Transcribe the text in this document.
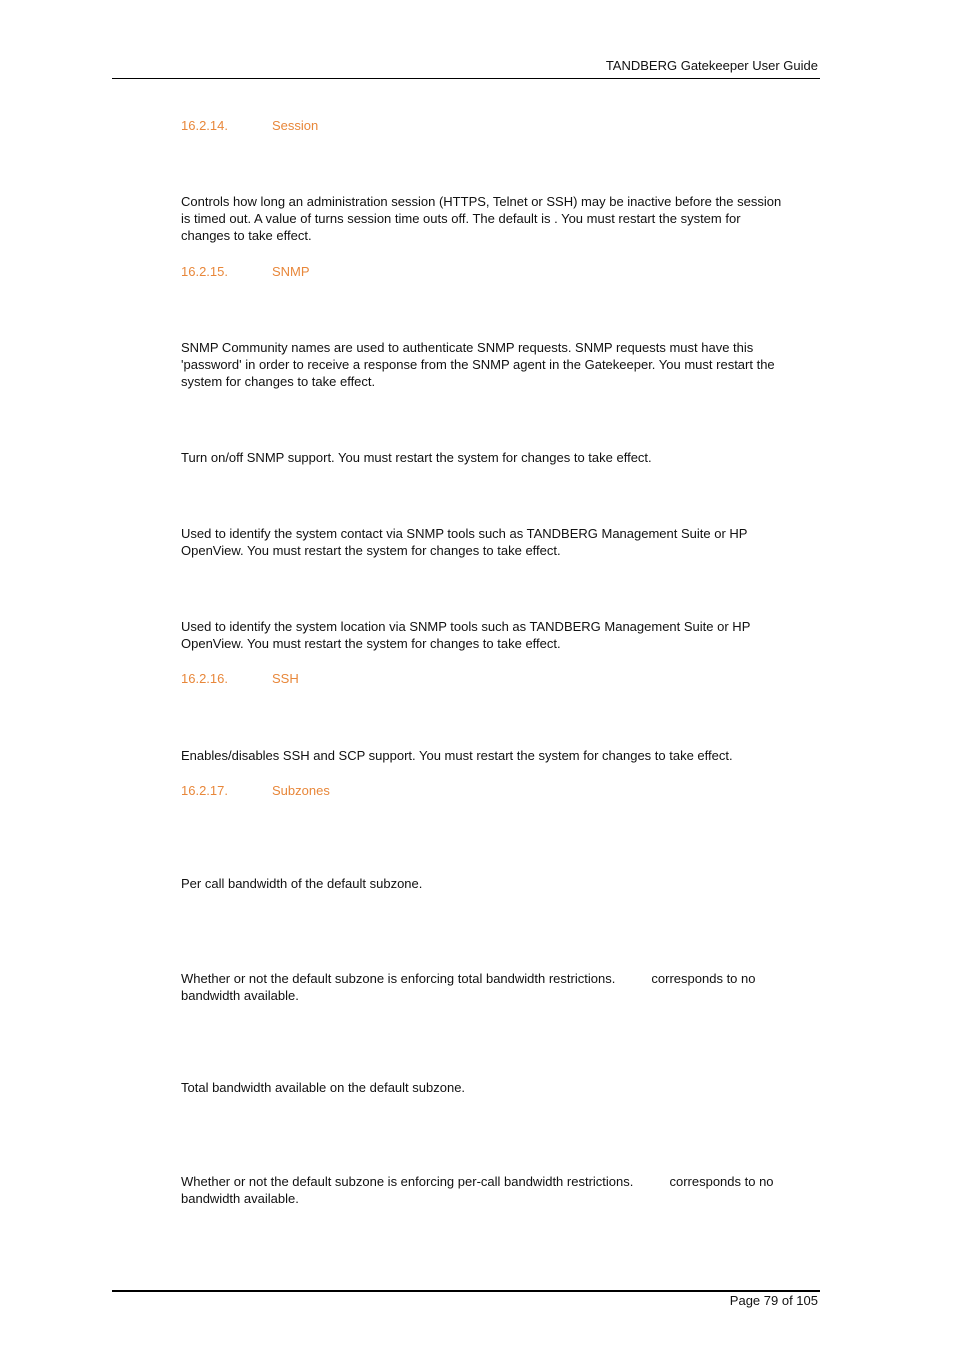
TANDBERG Gatekeeper User Guide
16.2.14.	Session
Controls how long an administration session (HTTPS, Telnet or SSH) may be inactive before the session
is timed out. A value of turns session time outs off. The default is . You must restart the system for
changes to take effect.
16.2.15.	SNMP
SNMP Community names are used to authenticate SNMP requests. SNMP requests must have this
'password' in order to receive a response from the SNMP agent in the Gatekeeper. You must restart the
system for changes to take effect.
Turn on/off SNMP support. You must restart the system for changes to take effect.
Used to identify the system contact via SNMP tools such as TANDBERG Management Suite or HP
OpenView. You must restart the system for changes to take effect.
Used to identify the system location via SNMP tools such as TANDBERG Management Suite or HP
OpenView. You must restart the system for changes to take effect.
16.2.16.	SSH
Enables/disables SSH and SCP support. You must restart the system for changes to take effect.
16.2.17.	Subzones
Per call bandwidth of the default subzone.
Whether or not the default subzone is enforcing total bandwidth restrictions.          corresponds to no
bandwidth available.
Total bandwidth available on the default subzone.
Whether or not the default subzone is enforcing per-call bandwidth restrictions.          corresponds to no
bandwidth available.
Page 79 of 105
